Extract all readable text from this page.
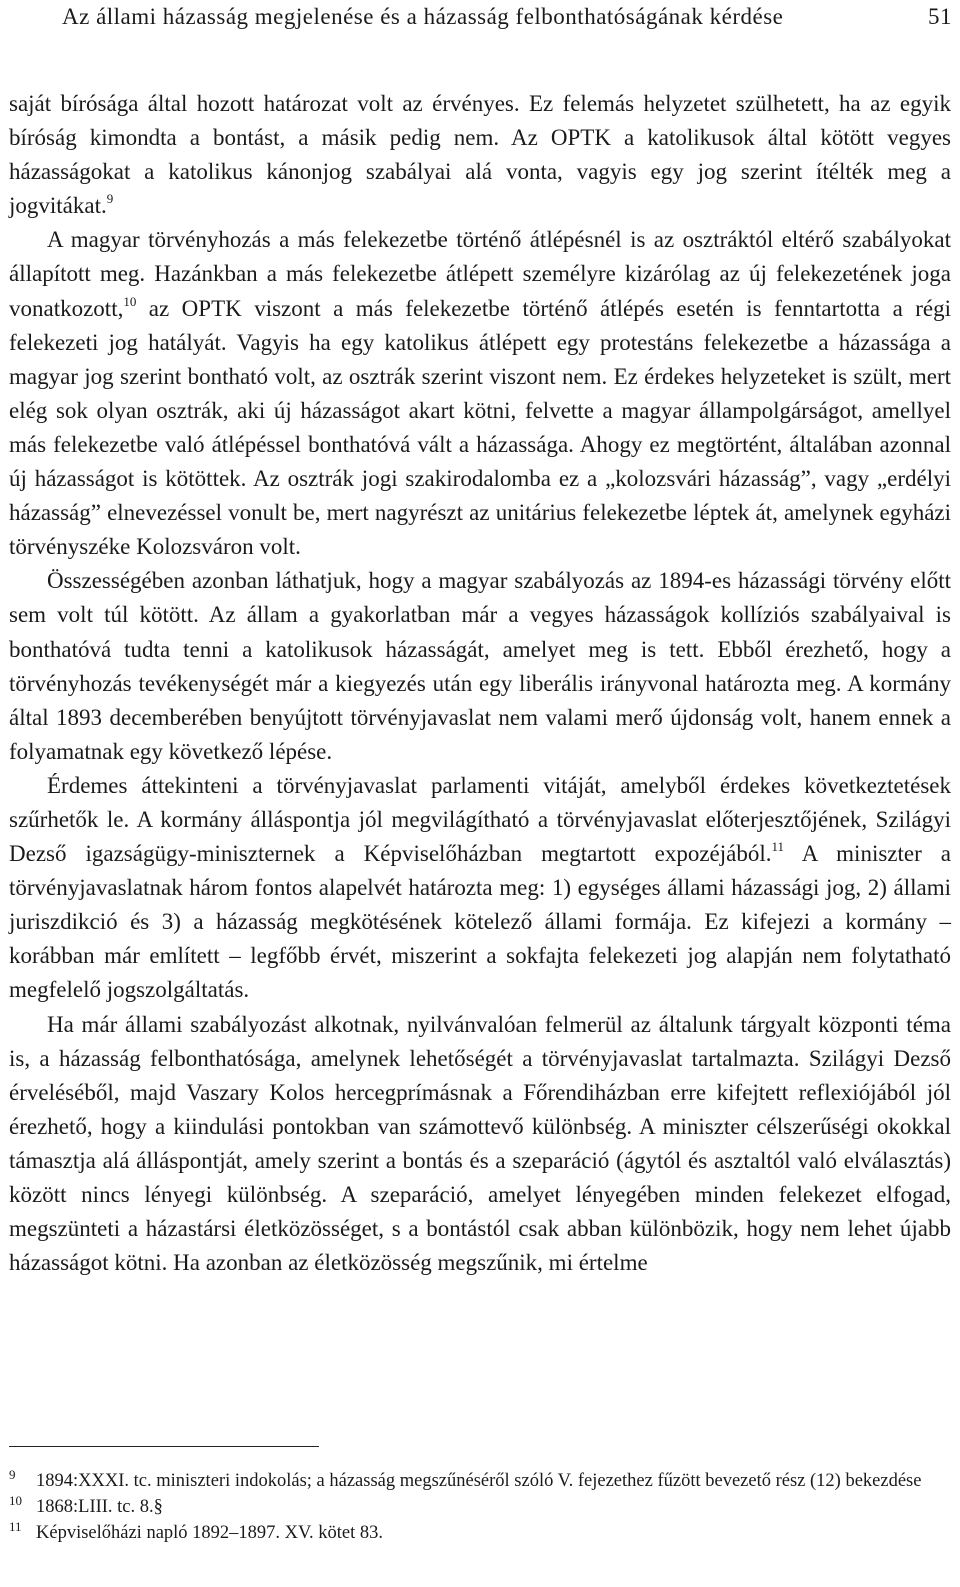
Az állami házasság megjelenése és a házasság felbonthatóságának kérdése	51

saját bírósága által hozott határozat volt az érvényes. Ez felemás helyzetet szülhetett, ha az egyik bíróság kimondta a bontást, a másik pedig nem. Az OPTK a katolikusok által kötött vegyes házasságokat a katolikus kánonjog szabályai alá vonta, vagyis egy jog szerint ítélték meg a jogvitákat.$^9$

A magyar törvényhozás a más felekezetbe történő átlépésnél is az osztráktól eltérő szabályokat állapított meg. Hazánkban a más felekezetbe átlépett személyre kizárólag az új felekezetének joga vonatkozott,$^{10}$ az OPTK viszont a más felekezetbe történő átlépés esetén is fenntartotta a régi felekezeti jog hatályát. Vagyis ha egy katolikus átlépett egy protestáns felekezetbe a házassága a magyar jog szerint bontható volt, az osztrák szerint viszont nem. Ez érdekes helyzeteket is szült, mert elég sok olyan osztrák, aki új házasságot akart kötni, felvette a magyar állampolgárságot, amellyel más felekezetbe való átlépéssel bonthatóvá vált a házassága. Ahogy ez megtörtént, általában azonnal új házasságot is kötöttek. Az osztrák jogi szakirodalomba ez a „kolozsvári házasság”, vagy „erdélyi házasság” elnevezéssel vonult be, mert nagyrészt az unitárius felekezetbe léptek át, amelynek egyházi törvényszéke Kolozsváron volt.

Összességében azonban láthatjuk, hogy a magyar szabályozás az 1894-es házassági törvény előtt sem volt túl kötött. Az állam a gyakorlatban már a vegyes házasságok kollíziós szabályaival is bonthatóvá tudta tenni a katolikusok házasságát, amelyet meg is tett. Ebből érezhető, hogy a törvényhozás tevékenységét már a kiegyezés után egy liberális irányvonal határozta meg. A kormány által 1893 decemberében benyújtott törvényjavaslat nem valami merő újdonság volt, hanem ennek a folyamatnak egy következő lépése.

Érdemes áttekinteni a törvényjavaslat parlamenti vitáját, amelyből érdekes következtetések szűrhetők le. A kormány álláspontja jól megvilágítható a törvényjavaslat előterjesztőjének, Szilágyi Dezső igazságügy-miniszternek a Képviselőházban megtartott expozéjából.$^{11}$ A miniszter a törvényjavaslatnak három fontos alapelvét határozta meg: 1) egységes állami házassági jog, 2) állami juriszdikció és 3) a házasság megkötésének kötelező állami formája. Ez kifejezi a kormány – korábban már említett – legfőbb érvét, miszerint a sokfajta felekezeti jog alapján nem folytatható megfelelő jogszolgáltatás.

Ha már állami szabályozást alkotnak, nyilvánvalóan felmerül az általunk tárgyalt központi téma is, a házasság felbonthatósága, amelynek lehetőségét a törvényjavaslat tartalmazta. Szilágyi Dezső érveléséből, majd Vaszary Kolos hercegprímásnak a Főrendiházban erre kifejtett reflexiójából jól érezhető, hogy a kiindulási pontokban van számottevő különbség. A miniszter célszerűségi okokkal támasztja alá álláspontját, amely szerint a bontás és a szeparáció (ágytól és asztaltól való elválasztás) között nincs lényegi különbség. A szeparáció, amelyet lényegében minden felekezet elfogad, megszünteti a házastársi életközösséget, s a bontástól csak abban különbözik, hogy nem lehet újabb házasságot kötni. Ha azonban az életközösség megszűnik, mi értelme

9 1894:XXXI. tc. miniszteri indokolás; a házasság megszűnéséről szóló V. fejezethez fűzött bevezető rész (12) bekezdése

10 1868:LIII. tc. 8.§

11 Képviselőházi napló 1892–1897. XV. kötet 83.
